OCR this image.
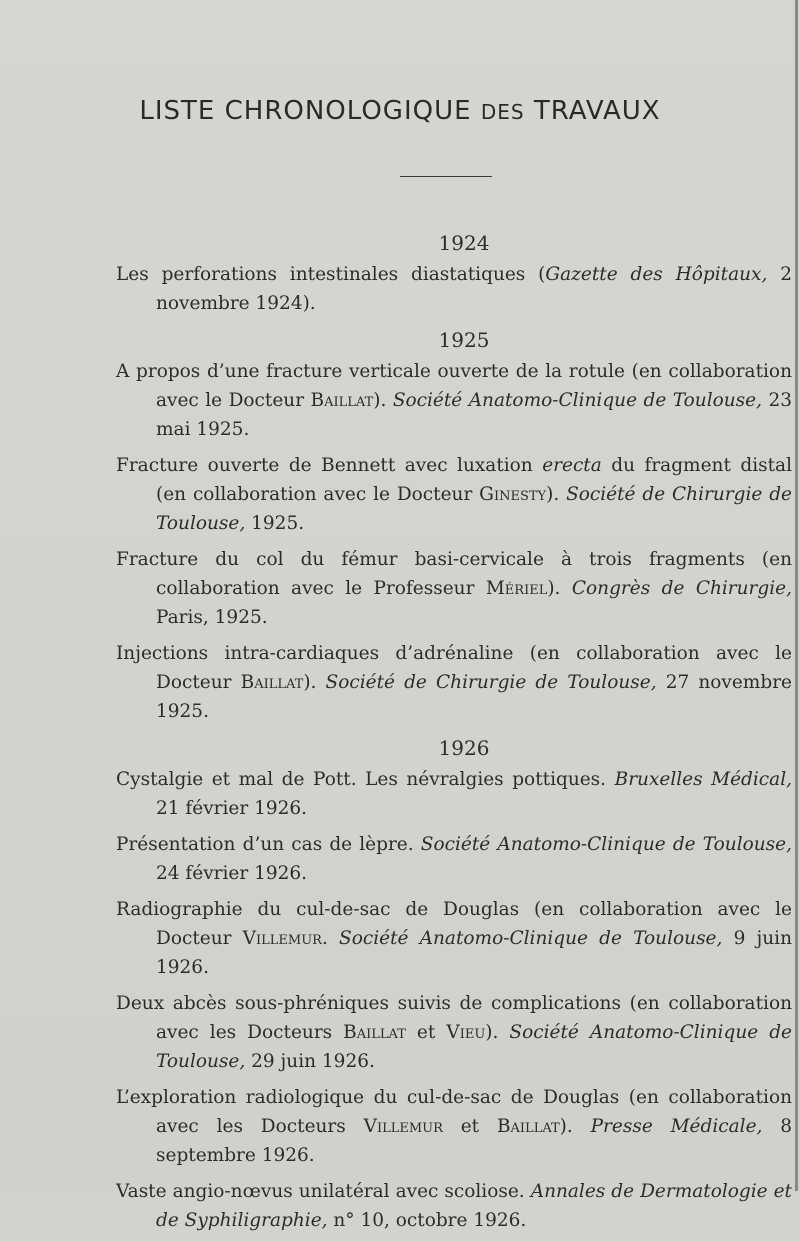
LISTE CHRONOLOGIQUE DES TRAVAUX
1924
Les perforations intestinales diastatiques (Gazette des Hôpitaux, 2 novembre 1924).
1925
A propos d’une fracture verticale ouverte de la rotule (en collaboration avec le Docteur Baillat). Société Anatomo-Clinique de Toulouse, 23 mai 1925.
Fracture ouverte de Bennett avec luxation erecta du fragment distal (en collaboration avec le Docteur Ginesty). Société de Chirurgie de Toulouse, 1925.
Fracture du col du fémur basi-cervicale à trois fragments (en collaboration avec le Professeur Mériel). Congrès de Chirurgie, Paris, 1925.
Injections intra-cardiaques d’adrénaline (en collaboration avec le Docteur Baillat). Société de Chirurgie de Toulouse, 27 novembre 1925.
1926
Cystalgie et mal de Pott. Les névralgies pottiques. Bruxelles Médical, 21 février 1926.
Présentation d’un cas de lèpre. Société Anatomo-Clinique de Toulouse, 24 février 1926.
Radiographie du cul-de-sac de Douglas (en collaboration avec le Docteur Villemur. Société Anatomo-Clinique de Toulouse, 9 juin 1926.
Deux abcès sous-phréniques suivis de complications (en collaboration avec les Docteurs Baillat et Vieu). Société Anatomo-Clinique de Toulouse, 29 juin 1926.
L’exploration radiologique du cul-de-sac de Douglas (en collaboration avec les Docteurs Villemur et Baillat). Presse Médicale, 8 septembre 1926.
Vaste angio-nœvus unilatéral avec scoliose. Annales de Dermatologie et de Syphiligraphie, n° 10, octobre 1926.
